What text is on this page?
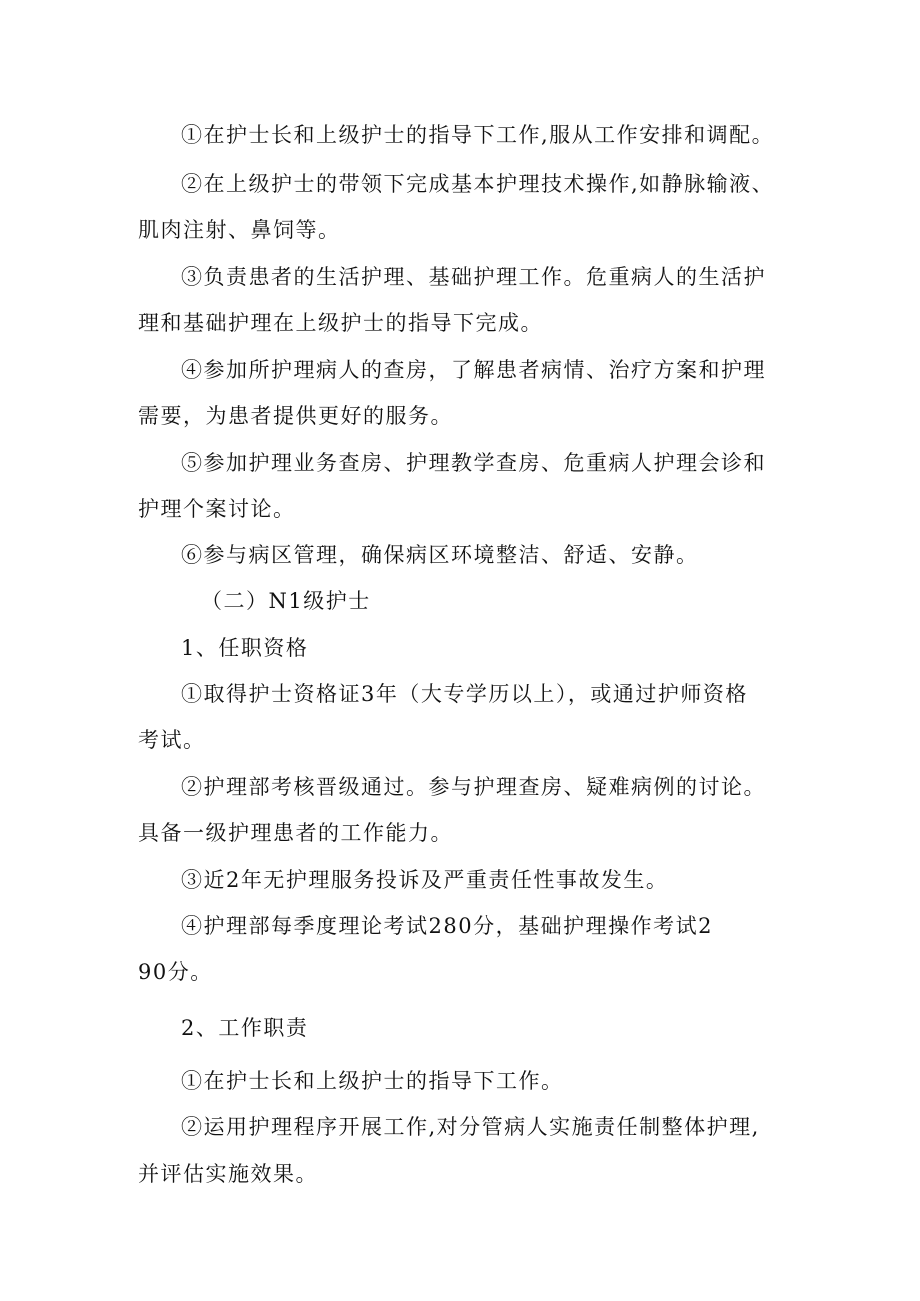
①在护士长和上级护士的指导下工作,服从工作安排和调配。
②在上级护士的带领下完成基本护理技术操作,如静脉输液、
肌肉注射、鼻饲等。
③负责患者的生活护理、基础护理工作。危重病人的生活护
理和基础护理在上级护士的指导下完成。
④参加所护理病人的查房，了解患者病情、治疗方案和护理
需要，为患者提供更好的服务。
⑤参加护理业务查房、护理教学查房、危重病人护理会诊和
护理个案讨论。
⑥参与病区管理，确保病区环境整洁、舒适、安静。
（二）N1级护士
1、任职资格
①取得护士资格证3年（大专学历以上），或通过护师资格
考试。
②护理部考核晋级通过。参与护理查房、疑难病例的讨论。
具备一级护理患者的工作能力。
③近2年无护理服务投诉及严重责任性事故发生。
④护理部每季度理论考试280分，基础护理操作考试2
90分。
2、工作职责
①在护士长和上级护士的指导下工作。
②运用护理程序开展工作,对分管病人实施责任制整体护理,
并评估实施效果。
